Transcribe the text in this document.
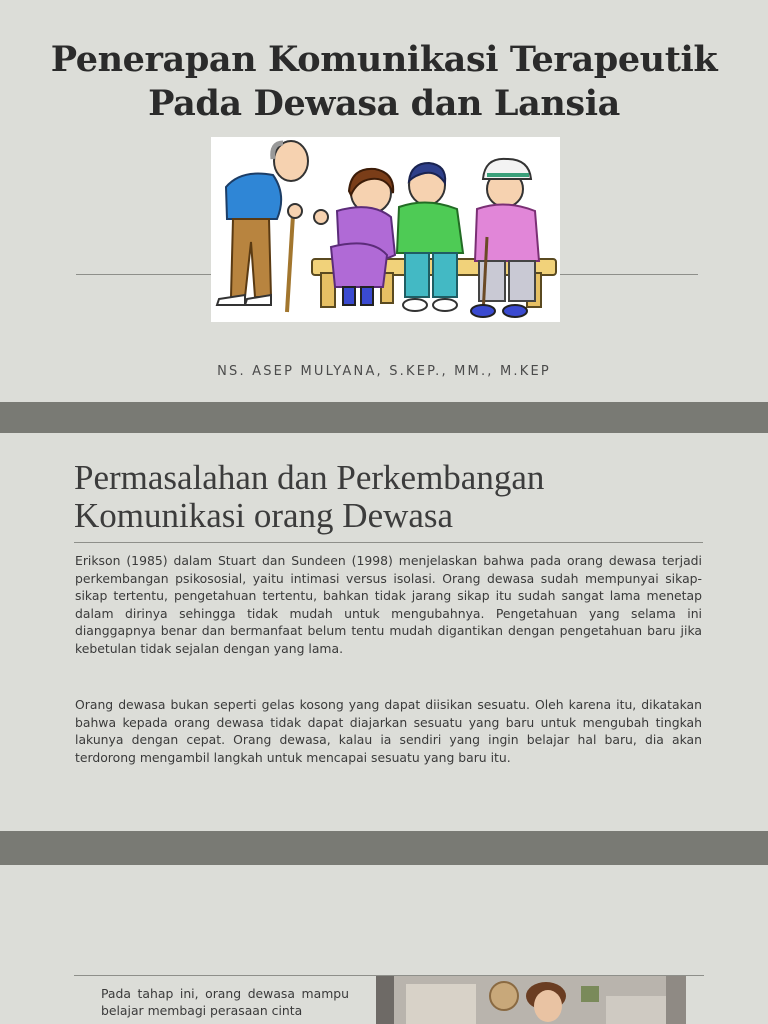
Penerapan Komunikasi Terapeutik
Pada Dewasa dan Lansia
NS. ASEP MULYANA, S.KEP., MM., M.KEP
Permasalahan dan Perkembangan
Komunikasi orang Dewasa

Erikson (1985) dalam Stuart dan Sundeen (1998) menjelaskan bahwa pada orang dewasa terjadi perkembangan psikososial, yaitu intimasi versus isolasi. Orang dewasa sudah mempunyai sikap-sikap tertentu, pengetahuan tertentu, bahkan tidak jarang sikap itu sudah sangat lama menetap dalam dirinya sehingga tidak mudah untuk mengubahnya. Pengetahuan yang selama ini dianggapnya benar dan bermanfaat belum tentu mudah digantikan dengan pengetahuan baru jika kebetulan tidak sejalan dengan yang lama.

Orang dewasa bukan seperti gelas kosong yang dapat diisikan sesuatu. Oleh karena itu, dikatakan bahwa kepada orang dewasa tidak dapat diajarkan sesuatu yang baru untuk mengubah tingkah lakunya dengan cepat. Orang dewasa, kalau ia sendiri yang ingin belajar hal baru, dia akan terdorong mengambil langkah untuk mencapai sesuatu yang baru itu.

Pada tahap ini, orang dewasa mampu belajar membagi perasaan cinta
